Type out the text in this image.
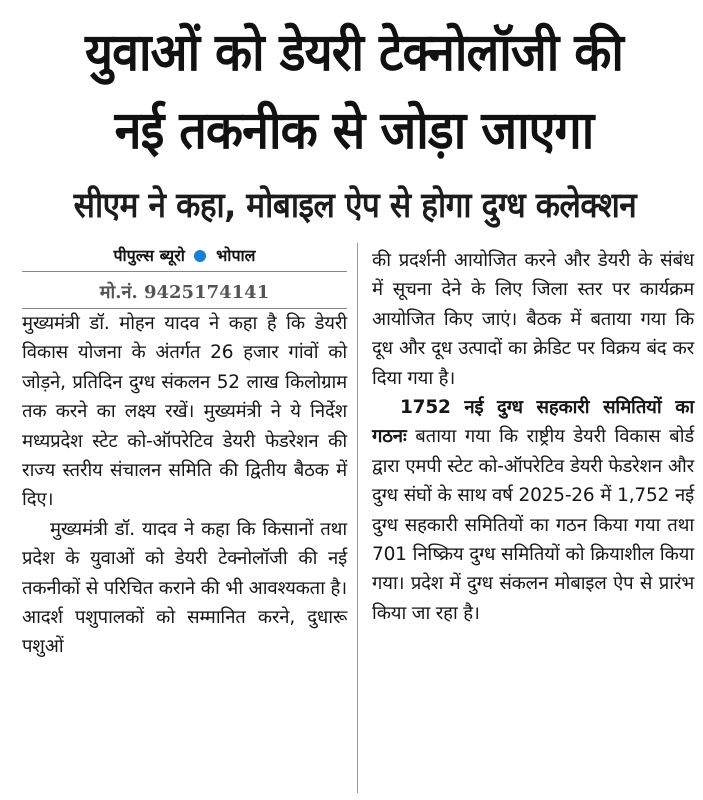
युवाओं को डेयरी टेक्नोलॉजी की
नई तकनीक से जोड़ा जाएगा
सीएम ने कहा, मोबाइल ऐप से होगा दुग्ध कलेक्शन
पीपुल्स ब्यूरो भोपाल
मो.नं. 9425174141

मुख्यमंत्री डॉ. मोहन यादव ने कहा है कि डेयरी विकास योजना के अंतर्गत 26 हजार गांवों को जोड़ने, प्रतिदिन दुग्ध संकलन 52 लाख किलोग्राम तक करने का लक्ष्य रखें। मुख्यमंत्री ने ये निर्देश मध्यप्रदेश स्टेट को-ऑपरेटिव डेयरी फेडरेशन की राज्य स्तरीय संचालन समिति की द्वितीय बैठक में दिए।

मुख्यमंत्री डॉ. यादव ने कहा कि किसानों तथा प्रदेश के युवाओं को डेयरी टेक्नोलॉजी की नई तकनीकों से परिचित कराने की भी आवश्यकता है। आदर्श पशुपालकों को सम्मानित करने, दुधारू पशुओं

की प्रदर्शनी आयोजित करने और डेयरी के संबंध में सूचना देने के लिए जिला स्तर पर कार्यक्रम आयोजित किए जाएं। बैठक में बताया गया कि दूध और दूध उत्पादों का क्रेडिट पर विक्रय बंद कर दिया गया है।

1752 नई दुग्ध सहकारी समितियों का गठनः बताया गया कि राष्ट्रीय डेयरी विकास बोर्ड द्वारा एमपी स्टेट को-ऑपरेटिव डेयरी फेडरेशन और दुग्ध संघों के साथ वर्ष 2025-26 में 1,752 नई दुग्ध सहकारी समितियों का गठन किया गया तथा 701 निष्क्रिय दुग्ध समितियों को क्रियाशील किया गया। प्रदेश में दुग्ध संकलन मोबाइल ऐप से प्रारंभ किया जा रहा है।
